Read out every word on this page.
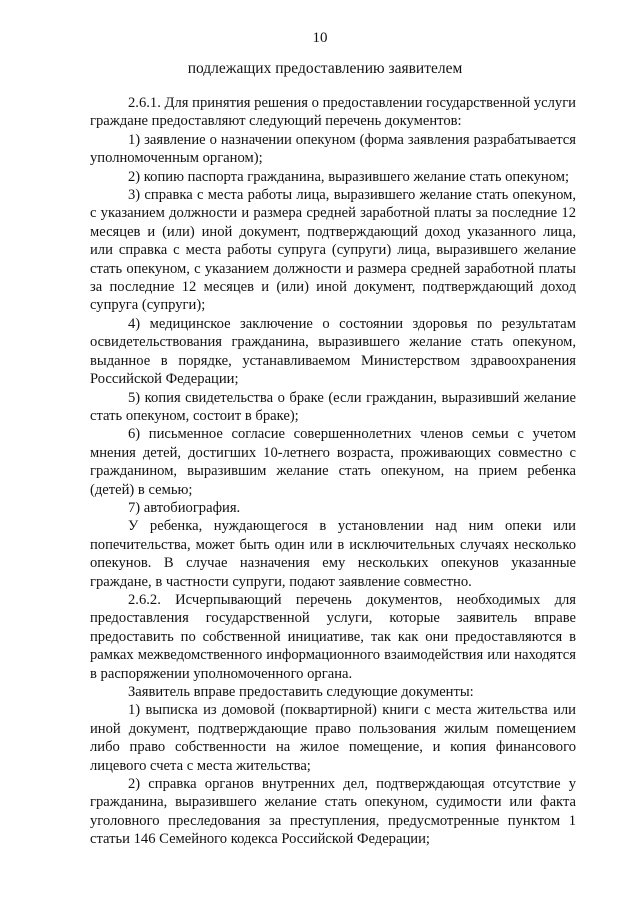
10
подлежащих предоставлению заявителем

2.6.1. Для принятия решения о предоставлении государственной услуги гражданe предоставляют следующий перечень документов:

1) заявление о назначении опекуном (форма заявления разрабатывается уполномоченным органом);

2) копию паспорта гражданина, выразившего желание стать опекуном;

3) справка с места работы лица, выразившего желание стать опекуном, с указанием должности и размера средней заработной платы за последние 12 месяцев и (или) иной документ, подтверждающий доход указанного лица, или справка с места работы супруга (супруги) лица, выразившего желание стать опекуном, с указанием должности и размера средней заработной платы за последние 12 месяцев и (или) иной документ, подтверждающий доход супруга (супруги);

4) медицинское заключение о состоянии здоровья по результатам освидетельствования гражданина, выразившего желание стать опекуном, выданное в порядке, устанавливаемом Министерством здравоохранения Российской Федерации;

5) копия свидетельства о браке (если гражданин, выразивший желание стать опекуном, состоит в браке);

6) письменное согласие совершеннолетних членов семьи с учетом мнения детей, достигших 10-летнего возраста, проживающих совместно с гражданином, выразившим желание стать опекуном, на прием ребенка (детей) в семью;

7) автобиография.

У ребенка, нуждающегося в установлении над ним опеки или попечительства, может быть один или в исключительных случаях несколько опекунов. В случае назначения ему нескольких опекунов указанные граждане, в частности супруги, подают заявление совместно.

2.6.2. Исчерпывающий перечень документов, необходимых для предоставления государственной услуги, которые заявитель вправе предоставить по собственной инициативе, так как они предоставляются в рамках межведомственного информационного взаимодействия или находятся в распоряжении уполномоченного органа.

Заявитель вправе предоставить следующие документы:

1) выписка из домовой (поквартирной) книги с места жительства или иной документ, подтверждающие право пользования жилым помещением либо право собственности на жилое помещение, и копия финансового лицевого счета с места жительства;

2) справка органов внутренних дел, подтверждающая отсутствие у гражданина, выразившего желание стать опекуном, судимости или факта уголовного преследования за преступления, предусмотренные пунктом 1 статьи 146 Семейного кодекса Российской Федерации;
